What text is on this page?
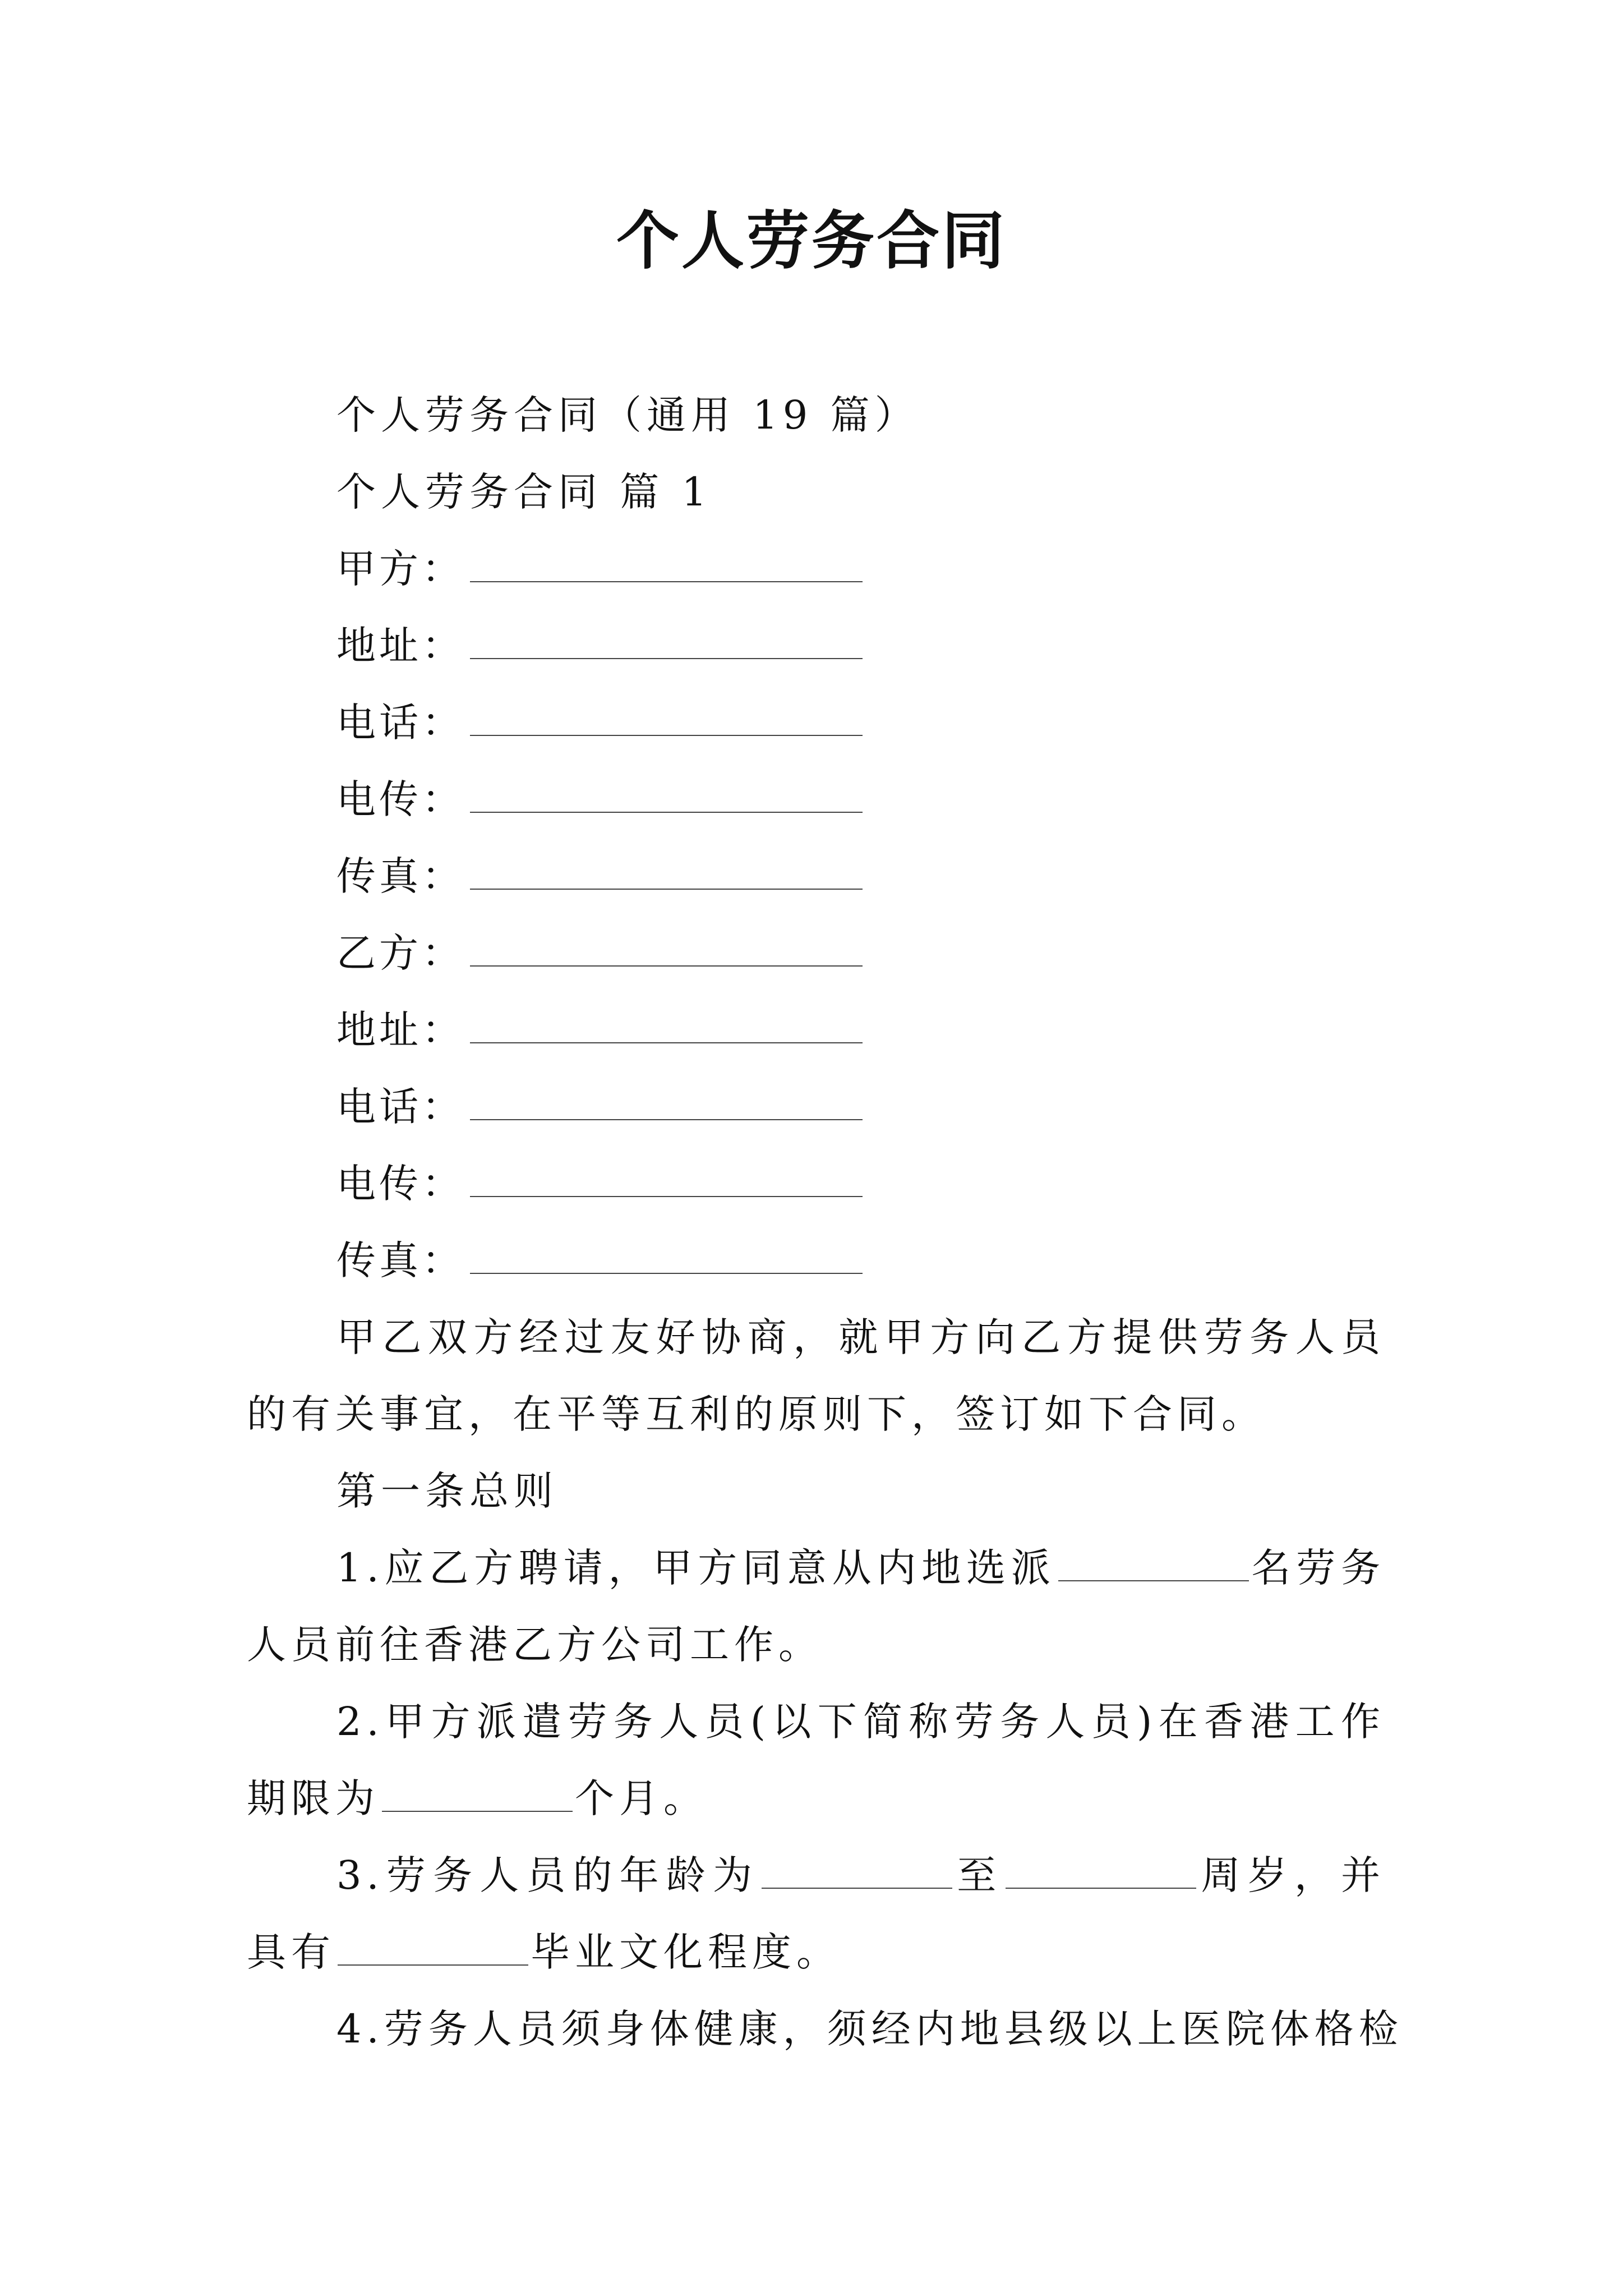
个人劳务合同

个人劳务合同（通用 19 篇）

个人劳务合同 篇 1

甲方：

地址：

电话：

电传：

传真：

乙方：

地址：

电话：

电传：

传真：

甲乙双方经过友好协商，就甲方向乙方提供劳务人员的有关事宜，在平等互利的原则下，签订如下合同。

第一条总则

1.应乙方聘请，甲方同意从内地选派	名劳务人员前往香港乙方公司工作。

2.甲方派遣劳务人员(以下简称劳务人员)在香港工作期限为	个月。

3.劳务人员的年龄为	至	周岁，并具有	毕业文化程度。

4.劳务人员须身体健康，须经内地县级以上医院体格检
